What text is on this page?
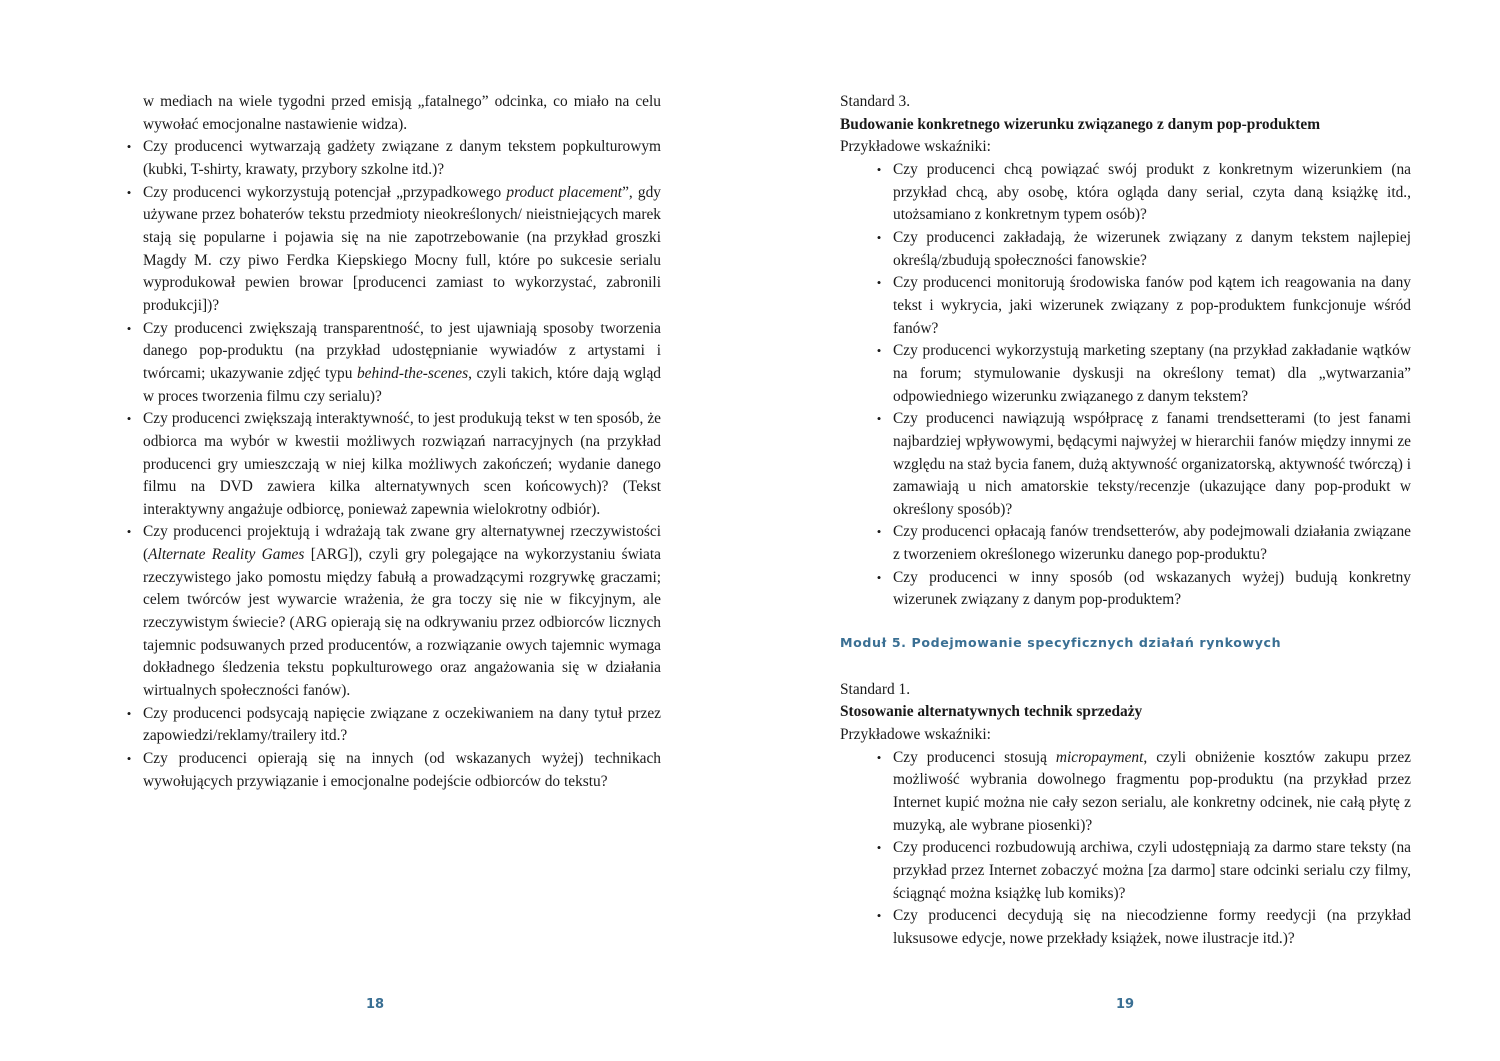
w mediach na wiele tygodni przed emisją „fatalnego” odcinka, co miało na celu wywołać emocjonalne nastawienie widza).

• Czy producenci wytwarzają gadżety związane z danym tekstem popkulturowym (kubki, T-shirty, krawaty, przybory szkolne itd.)?
• Czy producenci wykorzystują potencjał „przypadkowego product placement”, gdy używane przez bohaterów tekstu przedmioty nieokreślonych/ nieistniejących marek stają się popularne i pojawia się na nie zapotrzebowanie (na przykład groszki Magdy M. czy piwo Ferdka Kiepskiego Mocny full, które po sukcesie serialu wyprodukował pewien browar [producenci zamiast to wykorzystać, zabronili produkcji])?
• Czy producenci zwiększają transparentność, to jest ujawniają sposoby tworzenia danego pop-produktu (na przykład udostępnianie wywiadów z artystami i twórcami; ukazywanie zdjęć typu behind-the-scenes, czyli takich, które dają wgląd w proces tworzenia filmu czy serialu)?
• Czy producenci zwiększają interaktywność, to jest produkują tekst w ten sposób, że odbiorca ma wybór w kwestii możliwych rozwiązań narracyjnych (na przykład producenci gry umieszczają w niej kilka możliwych zakończeń; wydanie danego filmu na DVD zawiera kilka alternatywnych scen końcowych)? (Tekst interaktywny angażuje odbiorcę, ponieważ zapewnia wielokrotny odbiór).
• Czy producenci projektują i wdrażają tak zwane gry alternatywnej rzeczywistości (Alternate Reality Games [ARG]), czyli gry polegające na wykorzystaniu świata rzeczywistego jako pomostu między fabułą a prowadzącymi rozgrywkę graczami; celem twórców jest wywarcie wrażenia, że gra toczy się nie w fikcyjnym, ale rzeczywistym świecie? (ARG opierają się na odkrywaniu przez odbiorców licznych tajemnic podsuwanych przed producentów, a rozwiązanie owych tajemnic wymaga dokładnego śledzenia tekstu popkulturowego oraz angażowania się w działania wirtualnych społeczności fanów).
• Czy producenci podsycają napięcie związane z oczekiwaniem na dany tytuł przez zapowiedzi/reklamy/trailery itd.?
• Czy producenci opierają się na innych (od wskazanych wyżej) technikach wywołujących przywiązanie i emocjonalne podejście odbiorców do tekstu?
18

Standard 3.

Budowanie konkretnego wizerunku związanego z danym pop-produktem

Przykładowe wskaźniki:

• Czy producenci chcą powiązać swój produkt z konkretnym wizerunkiem (na przykład chcą, aby osobę, która ogląda dany serial, czyta daną książkę itd., utożsamiano z konkretnym typem osób)?
• Czy producenci zakładają, że wizerunek związany z danym tekstem najlepiej określą/zbudują społeczności fanowskie?
• Czy producenci monitorują środowiska fanów pod kątem ich reagowania na dany tekst i wykrycia, jaki wizerunek związany z pop-produktem funkcjonuje wśród fanów?
• Czy producenci wykorzystują marketing szeptany (na przykład zakładanie wątków na forum; stymulowanie dyskusji na określony temat) dla „wytwarzania” odpowiedniego wizerunku związanego z danym tekstem?
• Czy producenci nawiązują współpracę z fanami trendsetterami (to jest fanami najbardziej wpływowymi, będącymi najwyżej w hierarchii fanów między innymi ze względu na staż bycia fanem, dużą aktywność organizatorską, aktywność twórczą) i zamawiają u nich amatorskie teksty/recenzje (ukazujące dany pop-produkt w określony sposób)?
• Czy producenci opłacają fanów trendsetterów, aby podejmowali działania związane z tworzeniem określonego wizerunku danego pop-produktu?
• Czy producenci w inny sposób (od wskazanych wyżej) budują konkretny wizerunek związany z danym pop-produktem?

Moduł 5. Podejmowanie specyficznych działań rynkowych

Standard 1.

Stosowanie alternatywnych technik sprzedaży

Przykładowe wskaźniki:

• Czy producenci stosują micropayment, czyli obniżenie kosztów zakupu przez możliwość wybrania dowolnego fragmentu pop-produktu (na przykład przez Internet kupić można nie cały sezon serialu, ale konkretny odcinek, nie całą płytę z muzyką, ale wybrane piosenki)?
• Czy producenci rozbudowują archiwa, czyli udostępniają za darmo stare teksty (na przykład przez Internet zobaczyć można [za darmo] stare odcinki serialu czy filmy, ściągnąć można książkę lub komiks)?
• Czy producenci decydują się na niecodzienne formy reedycji (na przykład luksusowe edycje, nowe przekłady książek, nowe ilustracje itd.)?
19
